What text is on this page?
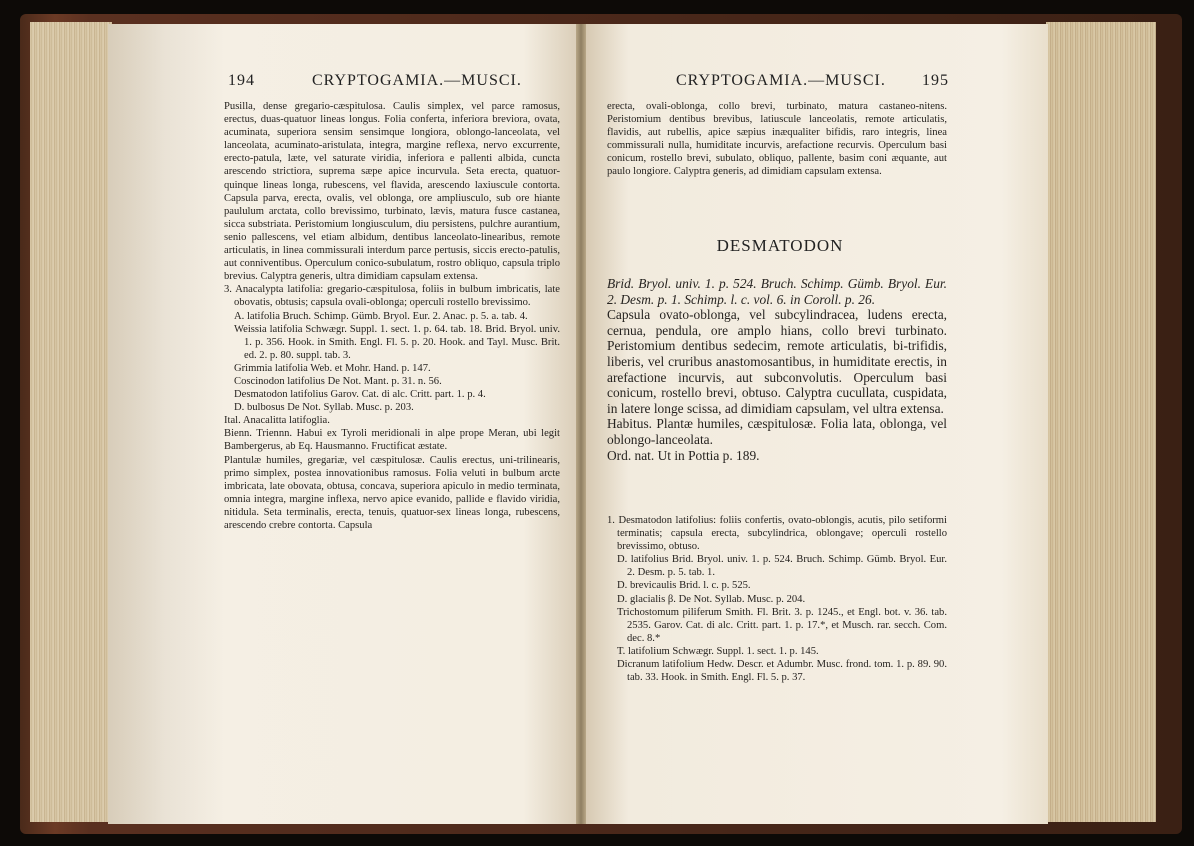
194	CRYPTOGAMIA.—MUSCI.

Pusilla, dense gregario-cæspitulosa. Caulis simplex, vel parce ramosus, erectus, duas-quatuor lineas longus. Folia conferta, inferiora breviora, ovata, acuminata, superiora sensim sensimque longiora, oblongo-lanceolata, vel lanceolata, acuminato-aristulata, integra, margine reflexa, nervo excurrente, erecto-patula, læte, vel saturate viridia, inferiora e pallenti albida, cuncta arescendo strictiora, suprema sæpe apice incurvula. Seta erecta, quatuor-quinque lineas longa, rubescens, vel flavida, arescendo laxiuscule contorta. Capsula parva, erecta, ovalis, vel oblonga, ore ampliusculo, sub ore hiante paululum arctata, collo brevissimo, turbinato, lævis, matura fusce castanea, sicca substriata. Peristomium longiusculum, diu persistens, pulchre aurantium, senio pallescens, vel etiam albidum, dentibus lanceolato-linearibus, remote articulatis, in linea commissurali interdum parce pertusis, siccis erecto-patulis, aut conniventibus. Operculum conico-subulatum, rostro obliquo, capsula triplo brevius. Calyptra generis, ultra dimidiam capsulam extensa.

3. Anacalypta latifolia: gregario-cæspitulosa, foliis in bulbum imbricatis, late obovatis, obtusis; capsula ovali-oblonga; operculi rostello brevissimo.

A. latifolia Bruch. Schimp. Gümb. Bryol. Eur. 2. Anac. p. 5. a. tab. 4.

Weissia latifolia Schwægr. Suppl. 1. sect. 1. p. 64. tab. 18. Brid. Bryol. univ. 1. p. 356. Hook. in Smith. Engl. Fl. 5. p. 20. Hook. and Tayl. Musc. Brit. ed. 2. p. 80. suppl. tab. 3.

Grimmia latifolia Web. et Mohr. Hand. p. 147.

Coscinodon latifolius De Not. Mant. p. 31. n. 56.

Desmatodon latifolius Garov. Cat. di alc. Critt. part. 1. p. 4.

D. bulbosus De Not. Syllab. Musc. p. 203.

Ital. Anacalitta latifoglia.

Bienn. Triennn. Habui ex Tyroli meridionali in alpe prope Meran, ubi legit Bambergerus, ab Eq. Hausmanno. Fructificat æstate.

Plantulæ humiles, gregariæ, vel cæspitulosæ. Caulis erectus, uni-trilinearis, primo simplex, postea innovationibus ramosus. Folia veluti in bulbum arcte imbricata, late obovata, obtusa, concava, superiora apiculo in medio terminata, omnia integra, margine inflexa, nervo apice evanido, pallide e flavido viridia, nitidula. Seta terminalis, erecta, tenuis, quatuor-sex lineas longa, rubescens, arescendo crebre contorta. Capsula

CRYPTOGAMIA.—MUSCI. 195
erecta, ovali-oblonga, collo brevi, turbinato, matura castaneo-nitens. Peristomium dentibus brevibus, latiuscule lanceolatis, remote articulatis, flavidis, aut rubellis, apice sæpius inæqualiter bifidis, raro integris, linea commissurali nulla, humiditate incurvis, arefactione recurvis. Operculum basi conicum, rostello brevi, subulato, obliquo, pallente, basim coni æquante, aut paulo longiore. Calyptra generis, ad dimidiam capsulam extensa.
DESMATODON

Brid. Bryol. univ. 1. p. 524. Bruch. Schimp. Gümb. Bryol. Eur. 2. Desm. p. 1. Schimp. l. c. vol. 6. in Coroll. p. 26.

Capsula ovato-oblonga, vel subcylindracea, ludens erecta, cernua, pendula, ore amplo hians, collo brevi turbinato. Peristomium dentibus sedecim, remote articulatis, bi-trifidis, liberis, vel cruribus anastomosantibus, in humiditate erectis, in arefactione incurvis, aut subconvolutis. Operculum basi conicum, rostello brevi, obtuso. Calyptra cucullata, cuspidata, in latere longe scissa, ad dimidiam capsulam, vel ultra extensa.

Habitus. Plantæ humiles, cæspitulosæ. Folia lata, oblonga, vel oblongo-lanceolata.

Ord. nat. Ut in Pottia p. 189.

1. Desmatodon latifolius: foliis confertis, ovato-oblongis, acutis, pilo setiformi terminatis; capsula erecta, subcylindrica, oblongave; operculi rostello brevissimo, obtuso.

D. latifolius Brid. Bryol. univ. 1. p. 524. Bruch. Schimp. Gümb. Bryol. Eur. 2. Desm. p. 5. tab. 1.

D. brevicaulis Brid. l. c. p. 525.

D. glacialis β. De Not. Syllab. Musc. p. 204.

Trichostomum piliferum Smith. Fl. Brit. 3. p. 1245., et Engl. bot. v. 36. tab. 2535. Garov. Cat. di alc. Critt. part. 1. p. 17.*, et Musch. rar. secch. Com. dec. 8.*

T. latifolium Schwægr. Suppl. 1. sect. 1. p. 145.

Dicranum latifolium Hedw. Descr. et Adumbr. Musc. frond. tom. 1. p. 89. 90. tab. 33. Hook. in Smith. Engl. Fl. 5. p. 37.
